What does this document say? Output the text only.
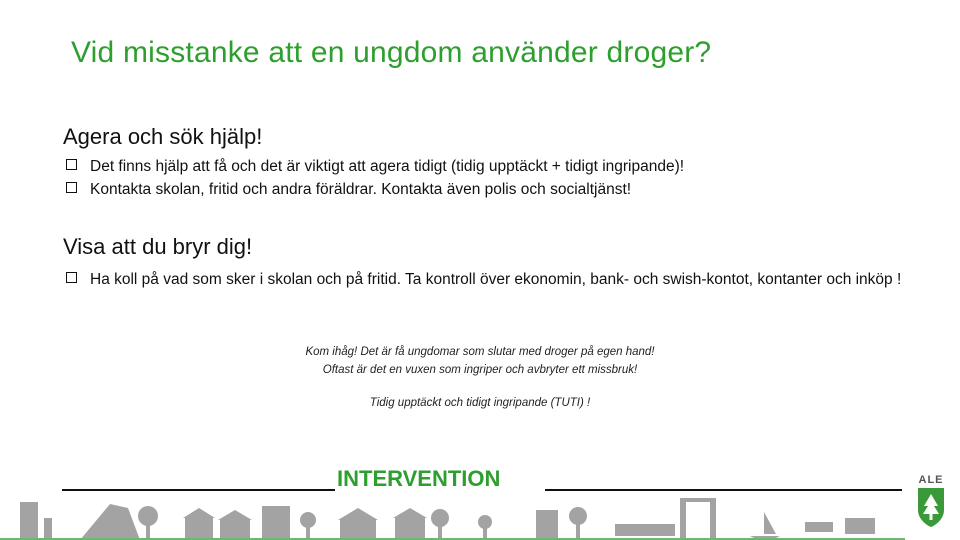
Vid misstanke att en ungdom använder droger?
Agera och sök hjälp!
Det finns hjälp att få och det är viktigt att agera tidigt (tidig upptäckt + tidigt ingripande)!
Kontakta skolan, fritid och andra föräldrar. Kontakta även polis och socialtjänst!
Visa att du bryr dig!
Ha koll på vad som sker i skolan och på fritid. Ta kontroll över ekonomin, bank- och swish-kontot, kontanter och inköp !
Kom ihåg! Det är få ungdomar som slutar med droger på egen hand!
Oftast är det en vuxen som ingriper och avbryter ett missbruk!
Tidig upptäckt och tidigt ingripande (TUTI) !
INTERVENTION	ALE
